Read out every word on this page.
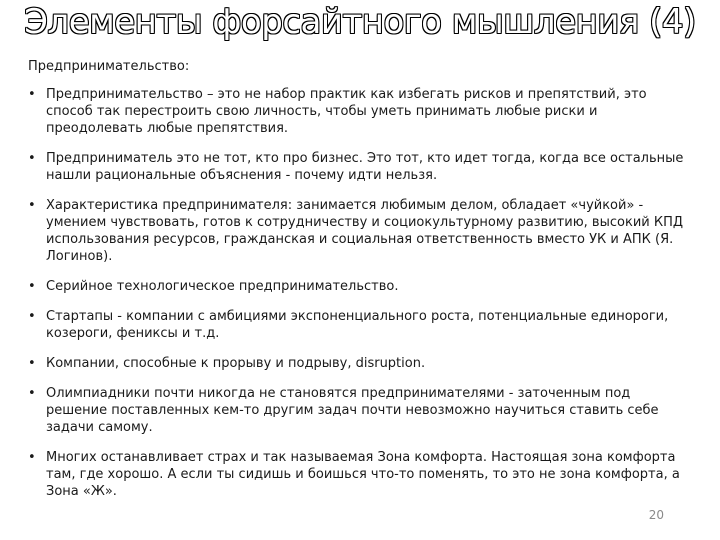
Элементы форсайтного мышления (4)
Предпринимательство:
• Предпринимательство – это не набор практик как избегать рисков и препятствий, это способ так перестроить свою личность, чтобы уметь принимать любые риски и преодолевать любые препятствия.
• Предприниматель это не тот, кто про бизнес. Это тот, кто идет тогда, когда все остальные нашли рациональные объяснения - почему идти нельзя.
• Характеристика предпринимателя: занимается любимым делом, обладает «чуйкой» - умением чувствовать, готов к сотрудничеству и социокультурному развитию, высокий КПД использования ресурсов, гражданская и социальная ответственность вместо УК и АПК (Я. Логинов).
• Серийное технологическое предпринимательство.
• Стартапы - компании с амбициями экспоненциального роста, потенциальные единороги, козероги, фениксы и т.д.
• Компании, способные к прорыву и подрыву, disruption.
• Олимпиадники почти никогда не становятся предпринимателями - заточенным под решение поставленных кем-то другим задач почти невозможно научиться ставить себе задачи самому.
• Многих останавливает страх и так называемая Зона комфорта. Настоящая зона комфорта там, где хорошо. А если ты сидишь и боишься что-то поменять, то это не зона комфорта, а Зона «Ж».
20
